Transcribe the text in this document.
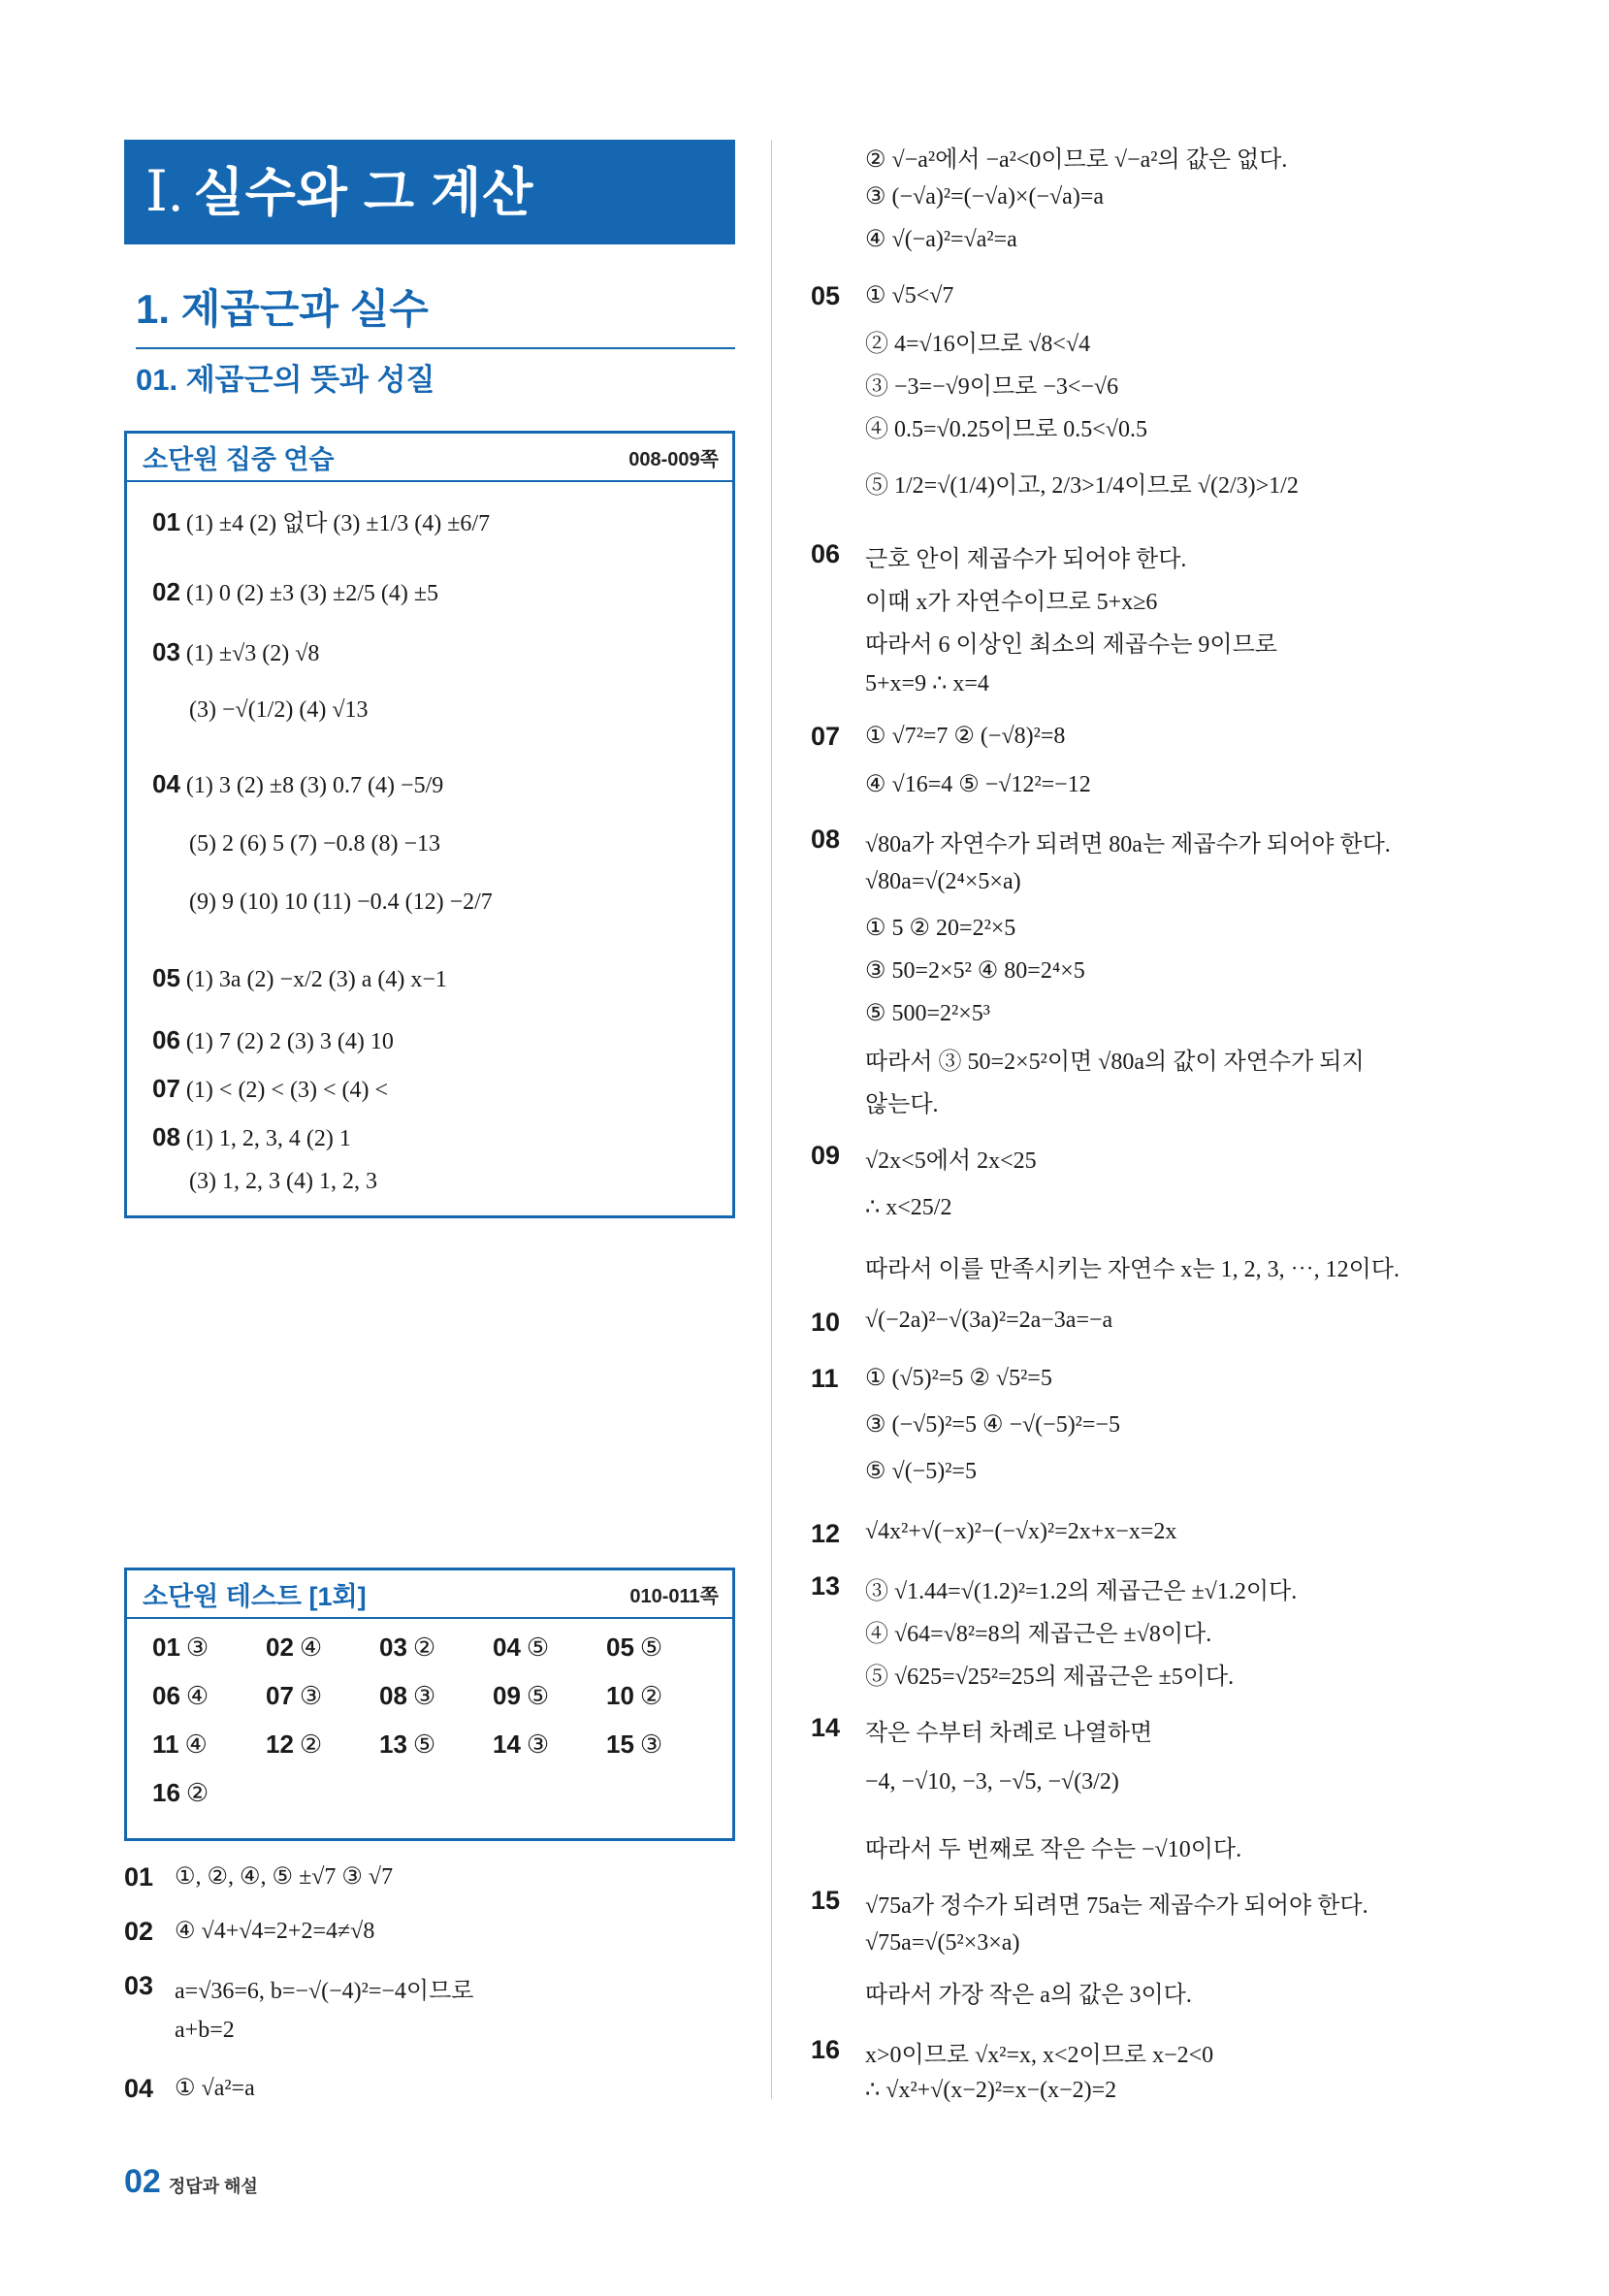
Ⅰ. 실수와 그 계산
1. 제곱근과 실수
01. 제곱근의 뜻과 성질
소단원 집중 연습	008-009쪽
01 (1) ±4 (2) 없다 (3) ±1/3 (4) ±6/7
02 (1) 0 (2) ±3 (3) ±2/5 (4) ±5
03 (1) ±√3 (2) √8
(3) −√(1/2) (4) √13
04 (1) 3 (2) ±8 (3) 0.7 (4) −5/9
(5) 2 (6) 5 (7) −0.8 (8) −13
(9) 9 (10) 10 (11) −0.4 (12) −2/7
05 (1) 3a (2) −x/2 (3) a (4) x−1
06 (1) 7 (2) 2 (3) 3 (4) 10
07 (1) < (2) < (3) < (4) <
08 (1) 1, 2, 3, 4 (2) 1
(3) 1, 2, 3 (4) 1, 2, 3
소단원 테스트 [1회]	010-011쪽
01 ③	02 ④	03 ②	04 ⑤	05 ⑤
06 ④	07 ③	08 ③	09 ⑤	10 ②
11 ④	12 ②	13 ⑤	14 ③	15 ③
16 ②
01 ①, ②, ④, ⑤ ±√7 ③ √7
02 ④ √4+√4=2+2=4≠√8
03 a=√36=6, b=−√(−4)²=−4이므로
a+b=2
04 ① √a²=a
② √−a²에서 −a²<0이므로 √−a²의 값은 없다.
③ (−√a)²=(−√a)×(−√a)=a
④ √(−a)²=√a²=a
05 ① √5<√7
② 4=√16이므로 √8<√4
③ −3=−√9이므로 −3<−√6
④ 0.5=√0.25이므로 0.5<√0.5
⑤ 1/2=√(1/4)이고, 2/3>1/4이므로 √(2/3)>1/2
06 근호 안이 제곱수가 되어야 한다.
이때 x가 자연수이므로 5+x≥6
따라서 6 이상인 최소의 제곱수는 9이므로
5+x=9 ∴ x=4
07 ① √7²=7 ② (−√8)²=8
④ √16=4 ⑤ −√12²=−12
08 √80a가 자연수가 되려면 80a는 제곱수가 되어야 한다.
√80a=√(2⁴×5×a)
① 5 ② 20=2²×5
③ 50=2×5² ④ 80=2⁴×5
⑤ 500=2²×5³
따라서 ③ 50=2×5²이면 √80a의 값이 자연수가 되지
않는다.
09 √2x<5에서 2x<25
∴ x<25/2
따라서 이를 만족시키는 자연수 x는 1, 2, 3, ⋯, 12이다.
10 √(−2a)²−√(3a)²=2a−3a=−a
11 ① (√5)²=5 ② √5²=5
③ (−√5)²=5 ④ −√(−5)²=−5
⑤ √(−5)²=5
12 √4x²+√(−x)²−(−√x)²=2x+x−x=2x
13 ③ √1.44=√(1.2)²=1.2의 제곱근은 ±√1.2이다.
④ √64=√8²=8의 제곱근은 ±√8이다.
⑤ √625=√25²=25의 제곱근은 ±5이다.
14 작은 수부터 차례로 나열하면
−4, −√10, −3, −√5, −√(3/2)
따라서 두 번째로 작은 수는 −√10이다.
15 √75a가 정수가 되려면 75a는 제곱수가 되어야 한다.
√75a=√(5²×3×a)
따라서 가장 작은 a의 값은 3이다.
16 x>0이므로 √x²=x, x<2이므로 x−2<0
∴ √x²+√(x−2)²=x−(x−2)=2
02 정답과 해설
